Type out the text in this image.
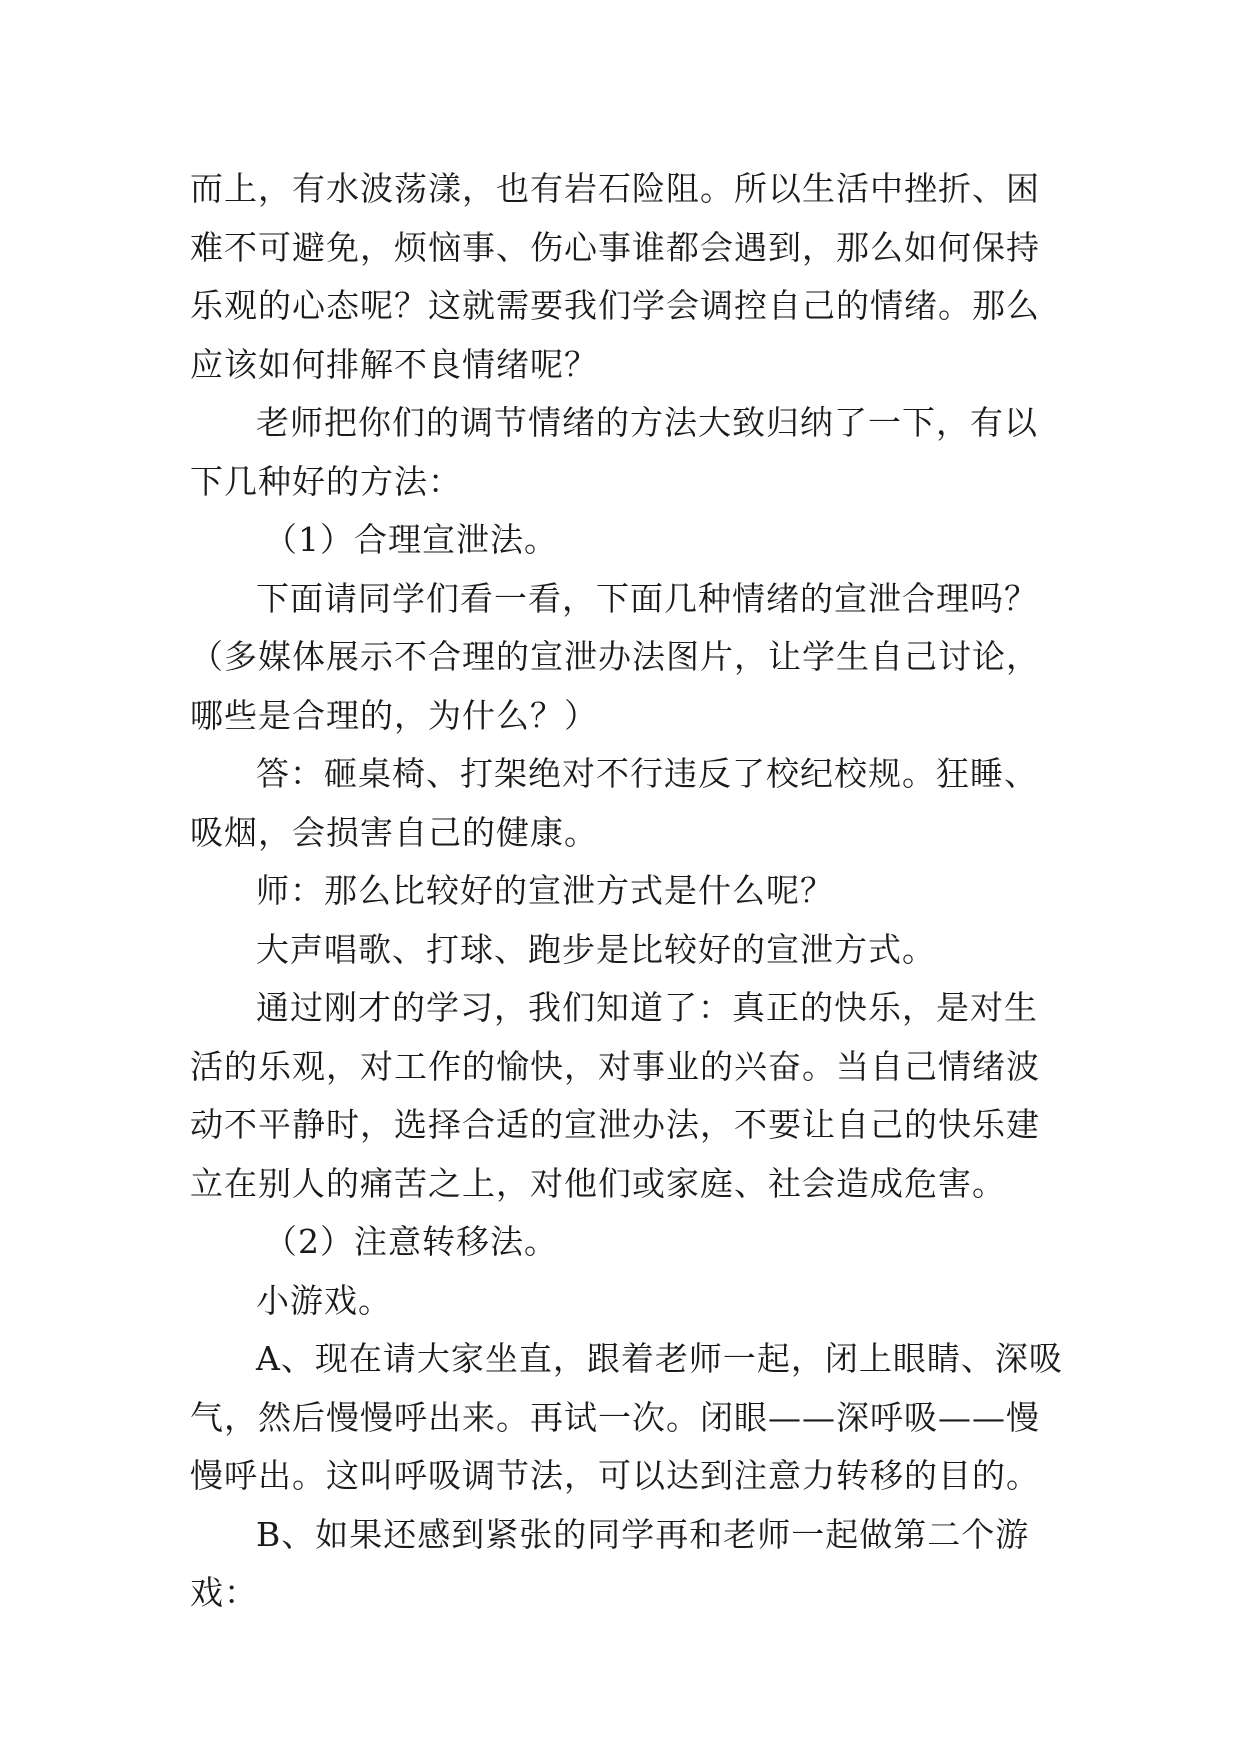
而上，有水波荡漾，也有岩石险阻。所以生活中挫折、困难不可避免，烦恼事、伤心事谁都会遇到，那么如何保持乐观的心态呢？这就需要我们学会调控自己的情绪。那么应该如何排解不良情绪呢？

老师把你们的调节情绪的方法大致归纳了一下，有以下几种好的方法：

（1）合理宣泄法。

下面请同学们看一看，下面几种情绪的宣泄合理吗？（多媒体展示不合理的宣泄办法图片，让学生自己讨论，哪些是合理的，为什么？）

答：砸桌椅、打架绝对不行违反了校纪校规。狂睡、吸烟，会损害自己的健康。

师：那么比较好的宣泄方式是什么呢？

大声唱歌、打球、跑步是比较好的宣泄方式。

通过刚才的学习，我们知道了：真正的快乐，是对生活的乐观，对工作的愉快，对事业的兴奋。当自己情绪波动不平静时，选择合适的宣泄办法，不要让自己的快乐建立在别人的痛苦之上，对他们或家庭、社会造成危害。

（2）注意转移法。

小游戏。

A、现在请大家坐直，跟着老师一起，闭上眼睛、深吸气，然后慢慢呼出来。再试一次。闭眼——深呼吸——慢慢呼出。这叫呼吸调节法，可以达到注意力转移的目的。

B、如果还感到紧张的同学再和老师一起做第二个游戏：
